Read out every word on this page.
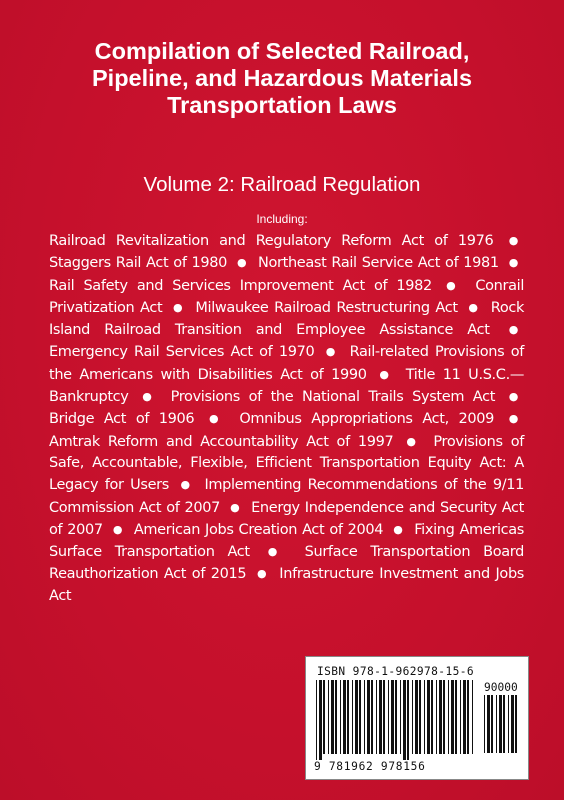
Compilation of Selected Railroad,
Pipeline, and Hazardous Materials
Transportation Laws
Volume 2: Railroad Regulation
Including:
Railroad Revitalization and Regulatory Reform Act of 1976 ● Staggers Rail Act of 1980 ● Northeast Rail Service Act of 1981 ● Rail Safety and Services Improvement Act of 1982 ● Conrail Privatization Act ● Milwaukee Railroad Restructuring Act ● Rock Island Railroad Transition and Employee Assistance Act ● Emergency Rail Services Act of 1970 ● Rail-related Provisions of the Americans with Disabilities Act of 1990 ● Title 11 U.S.C.— Bankruptcy ● Provisions of the National Trails System Act ● Bridge Act of 1906 ● Omnibus Appropriations Act, 2009 ● Amtrak Reform and Accountability Act of 1997 ● Provisions of Safe, Accountable, Flexible, Efficient Transportation Equity Act: A Legacy for Users ● Implementing Recommendations of the 9/11 Commission Act of 2007 ● Energy Independence and Security Act of 2007 ● American Jobs Creation Act of 2004 ● Fixing Americas Surface Transportation Act ● Surface Transportation Board Reauthorization Act of 2015 ● Infrastructure Investment and Jobs Act
ISBN 978-1-962978-15-6
90000
9 781962 978156
